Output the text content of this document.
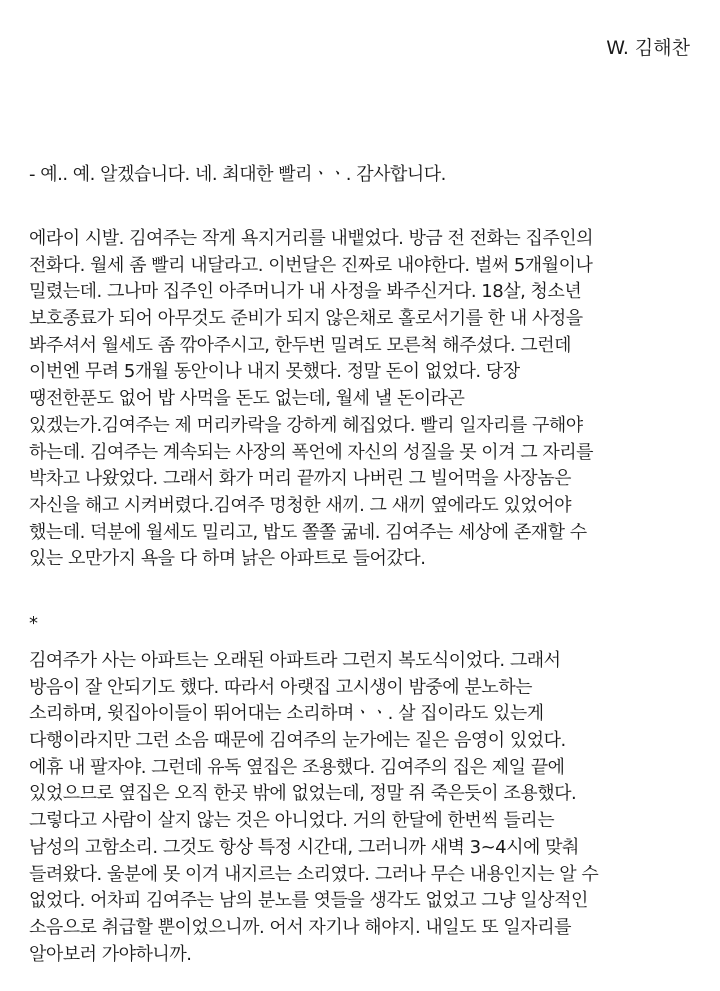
W. 김해찬
- 예.. 예. 알겠습니다. 네. 최대한 빨리ㆍㆍ. 감사합니다.
에라이 시발. 김여주는 작게 욕지거리를 내뱉었다. 방금 전 전화는 집주인의
전화다. 월세 좀 빨리 내달라고. 이번달은 진짜로 내야한다. 벌써 5개월이나
밀렸는데. 그나마 집주인 아주머니가 내 사정을 봐주신거다. 18살, 청소년
보호종료가 되어 아무것도 준비가 되지 않은채로 홀로서기를 한 내 사정을
봐주셔서 월세도 좀 깎아주시고, 한두번 밀려도 모른척 해주셨다. 그런데
이번엔 무려 5개월 동안이나 내지 못했다. 정말 돈이 없었다. 당장
땡전한푼도 없어 밥 사먹을 돈도 없는데, 월세 낼 돈이라곤
있겠는가.김여주는 제 머리카락을 강하게 헤집었다. 빨리 일자리를 구해야
하는데. 김여주는 계속되는 사장의 폭언에 자신의 성질을 못 이겨 그 자리를
박차고 나왔었다. 그래서 화가 머리 끝까지 나버린 그 빌어먹을 사장놈은
자신을 해고 시켜버렸다.김여주 멍청한 새끼. 그 새끼 옆에라도 있었어야
했는데. 덕분에 월세도 밀리고, 밥도 쫄쫄 굶네. 김여주는 세상에 존재할 수
있는 오만가지 욕을 다 하며 낡은 아파트로 들어갔다.
*
김여주가 사는 아파트는 오래된 아파트라 그런지 복도식이었다. 그래서
방음이 잘 안되기도 했다. 따라서 아랫집 고시생이 밤중에 분노하는
소리하며, 윗집아이들이 뛰어대는 소리하며ㆍㆍ. 살 집이라도 있는게
다행이라지만 그런 소음 때문에 김여주의 눈가에는 짙은 음영이 있었다.
에휴 내 팔자야. 그런데 유독 옆집은 조용했다. 김여주의 집은 제일 끝에
있었으므로 옆집은 오직 한곳 밖에 없었는데, 정말 쥐 죽은듯이 조용했다.
그렇다고 사람이 살지 않는 것은 아니었다. 거의 한달에 한번씩 들리는
남성의 고함소리. 그것도 항상 특정 시간대, 그러니까 새벽 3~4시에 맞춰
들려왔다. 울분에 못 이겨 내지르는 소리였다. 그러나 무슨 내용인지는 알 수
없었다. 어차피 김여주는 남의 분노를 엿들을 생각도 없었고 그냥 일상적인
소음으로 취급할 뿐이었으니까. 어서 자기나 해야지. 내일도 또 일자리를
알아보러 가야하니까.
